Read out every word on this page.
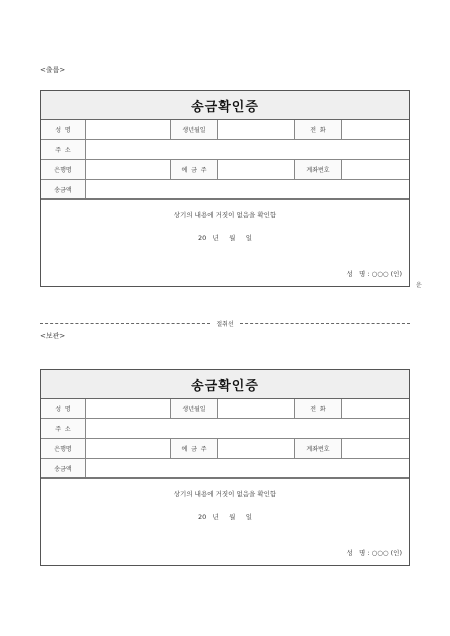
<출룹>
송금확인증
성  명	생년월일	전  화
주  소
은행명	예  금  주	계좌번호
송금액
상기의 내용에 거짓이 없음을 확인함
20   년     월     일
성   명 : ○○○ (인)
운
절취선
<보관>
송금확인증
성  명	생년월일	전  화
주  소
은행명	예  금  주	계좌번호
송금액
상기의 내용에 거짓이 없음을 확인함
20   년     월     일
성   명 : ○○○ (인)
